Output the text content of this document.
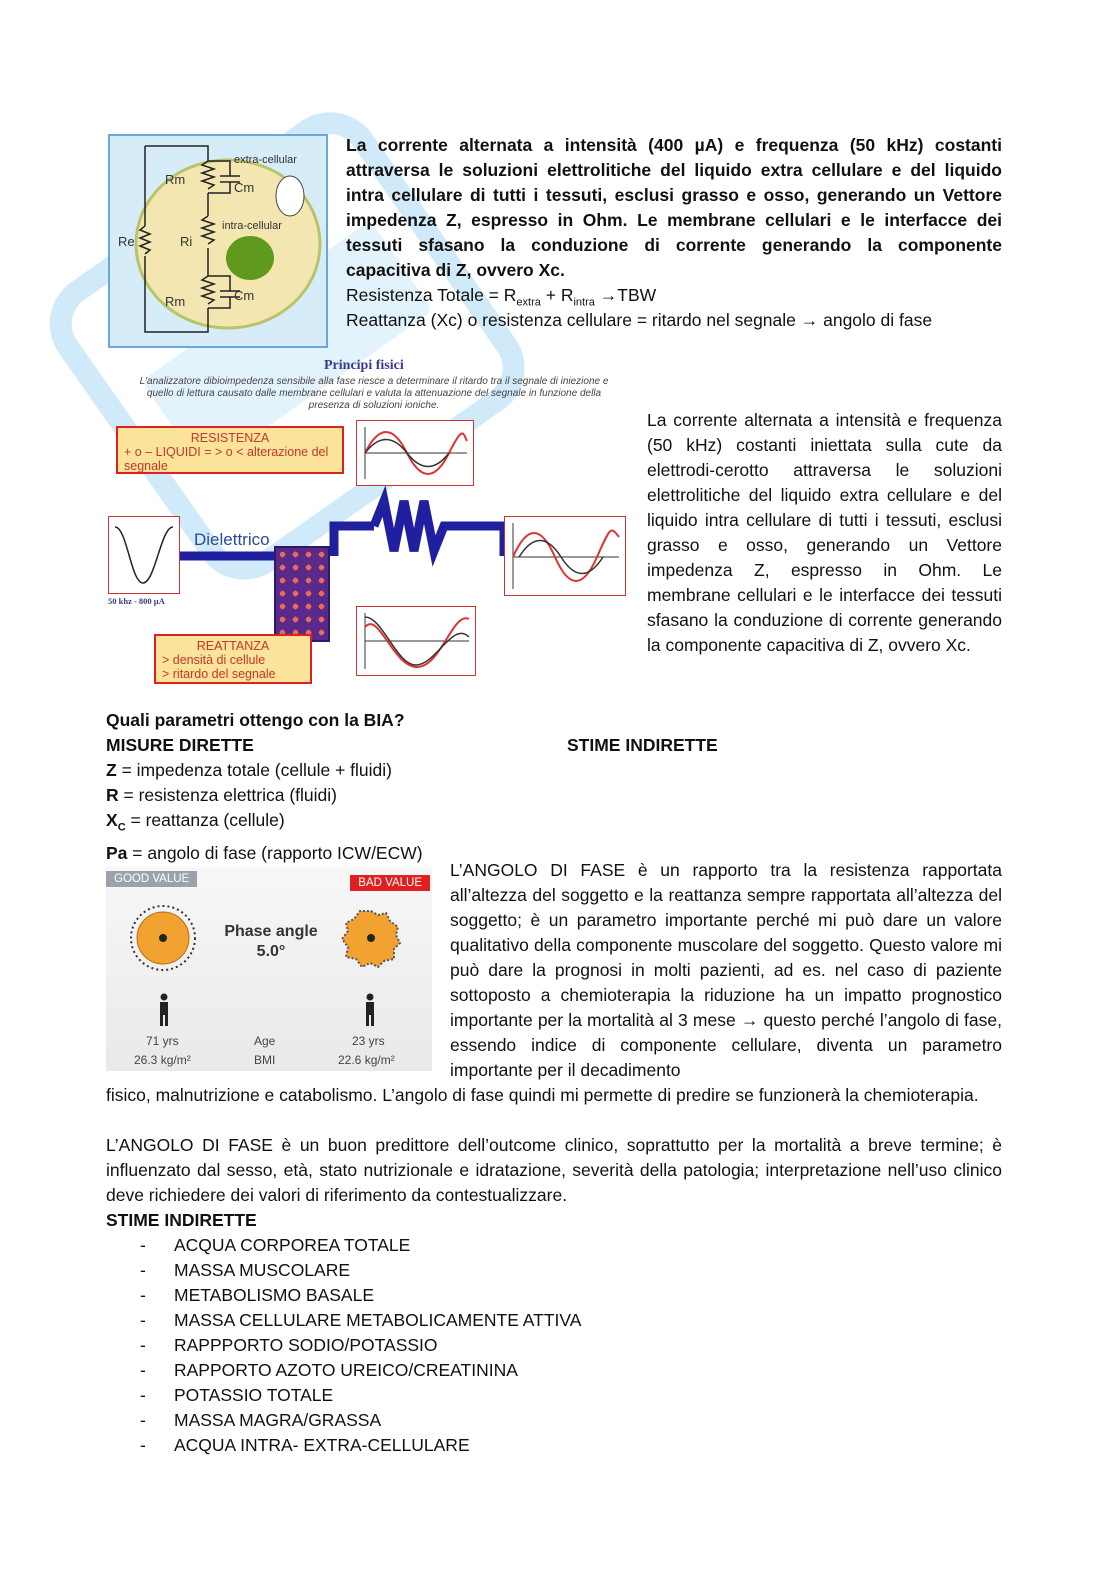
extra-cellular
intra-cellular
Rm
Cm
Re	Ri
Rm	Cm
La corrente alternata a intensità (400 µA) e frequenza (50 kHz) costanti attraversa le soluzioni elettrolitiche del liquido extra cellulare e del liquido intra cellulare di tutti i tessuti, esclusi grasso e osso, generando un Vettore impedenza Z, espresso in Ohm. Le membrane cellulari e le interfacce dei tessuti sfasano la conduzione di corrente generando la componente capacitiva di Z, ovvero Xc.
Resistenza Totale = $R_{extra} + R_{intra} \to TBW$
Reattanza (Xc) o resistenza cellulare = ritardo nel segnale → angolo di fase
Principi fisici
L'analizzatore dibioimpedenza sensibile alla fase riesce a determinare il ritardo tra il segnale di iniezione e quello di lettura causato dalle membrane cellulari e valuta la attenuazione del segnale in funzione della presenza di soluzioni ioniche.
RESISTENZA
+ o – LIQUIDI = > o < alterazione del segnale
50 khz - 800 µA
Dielettrico
REATTANZA
> densità di cellule
> ritardo del segnale
La corrente alternata a intensità e frequenza (50 kHz) costanti iniettata sulla cute da elettrodi-cerotto attraversa le soluzioni elettrolitiche del liquido extra cellulare e del liquido intra cellulare di tutti i tessuti, esclusi grasso e osso, generando un Vettore impedenza Z, espresso in Ohm. Le membrane cellulari e le interfacce dei tessuti sfasano la conduzione di corrente generando la componente capacitiva di Z, ovvero Xc.
Quali parametri ottengo con la BIA?
MISURE DIRETTE	STIME INDIRETTE
Z = impedenza totale (cellule + fluidi)
R = resistenza elettrica (fluidi)
$X_C$ = reattanza (cellule)
Pa = angolo di fase (rapporto ICW/ECW)
GOOD VALUE	BAD VALUE
Phase angle
5.0°
71 yrs	Age	23 yrs
26.3 kg/m²	BMI	22.6 kg/m²
L’ANGOLO DI FASE è un rapporto tra la resistenza rapportata all’altezza del soggetto e la reattanza sempre rapportata all’altezza del soggetto; è un parametro importante perché mi può dare un valore qualitativo della componente muscolare del soggetto. Questo valore mi può dare la prognosi in molti pazienti, ad es. nel caso di paziente sottoposto a chemioterapia la riduzione ha un impatto prognostico importante per la mortalità al 3 mese → questo perché l’angolo di fase, essendo indice di componente cellulare, diventa un parametro importante per il decadimento
fisico, malnutrizione e catabolismo. L’angolo di fase quindi mi permette di predire se funzionerà la chemioterapia.
L’ANGOLO DI FASE è un buon predittore dell’outcome clinico, soprattutto per la mortalità a breve termine; è influenzato dal sesso, età, stato nutrizionale e idratazione, severità della patologia; interpretazione nell’uso clinico deve richiedere dei valori di riferimento da contestualizzare.
STIME INDIRETTE
- ACQUA CORPOREA TOTALE
- MASSA MUSCOLARE
- METABOLISMO BASALE
- MASSA CELLULARE METABOLICAMENTE ATTIVA
- RAPPPORTO SODIO/POTASSIO
- RAPPORTO AZOTO UREICO/CREATININA
- POTASSIO TOTALE
- MASSA MAGRA/GRASSA
- ACQUA INTRA- EXTRA-CELLULARE
